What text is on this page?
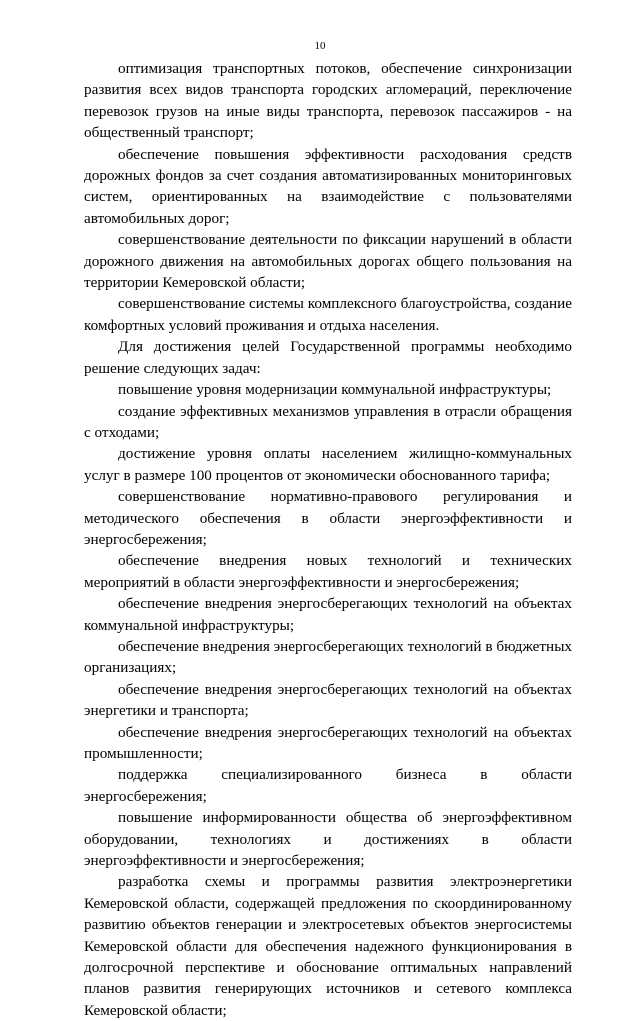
10

оптимизация транспортных потоков, обеспечение синхронизации развития всех видов транспорта городских агломераций, переключение перевозок грузов на иные виды транспорта, перевозок пассажиров - на общественный транспорт;

обеспечение повышения эффективности расходования средств дорожных фондов за счет создания автоматизированных мониторинговых систем, ориентированных на взаимодействие с пользователями автомобильных дорог;

совершенствование деятельности по фиксации нарушений в области дорожного движения на автомобильных дорогах общего пользования на территории Кемеровской области;

совершенствование системы комплексного благоустройства, создание комфортных условий проживания и отдыха населения.

Для достижения целей Государственной программы необходимо решение следующих задач:

повышение уровня модернизации коммунальной инфраструктуры;

создание эффективных механизмов управления в отрасли обращения с отходами;

достижение уровня оплаты населением жилищно-коммунальных услуг в размере 100 процентов от экономически обоснованного тарифа;

совершенствование нормативно-правового регулирования и методического обеспечения в области энергоэффективности и энергосбережения;

обеспечение внедрения новых технологий и технических мероприятий в области энергоэффективности и энергосбережения;

обеспечение внедрения энергосберегающих технологий на объектах коммунальной инфраструктуры;

обеспечение внедрения энергосберегающих технологий в бюджетных организациях;

обеспечение внедрения энергосберегающих технологий на объектах энергетики и транспорта;

обеспечение внедрения энергосберегающих технологий на объектах промышленности;

поддержка специализированного бизнеса в области энергосбережения;

повышение информированности общества об энергоэффективном оборудовании, технологиях и достижениях в области энергоэффективности и энергосбережения;

разработка схемы и программы развития электроэнергетики Кемеровской области, содержащей предложения по скоординированному развитию объектов генерации и электросетевых объектов энергосистемы Кемеровской области для обеспечения надежного функционирования в долгосрочной перспективе и обоснование оптимальных направлений планов развития генерирующих источников и сетевого комплекса Кемеровской области;
